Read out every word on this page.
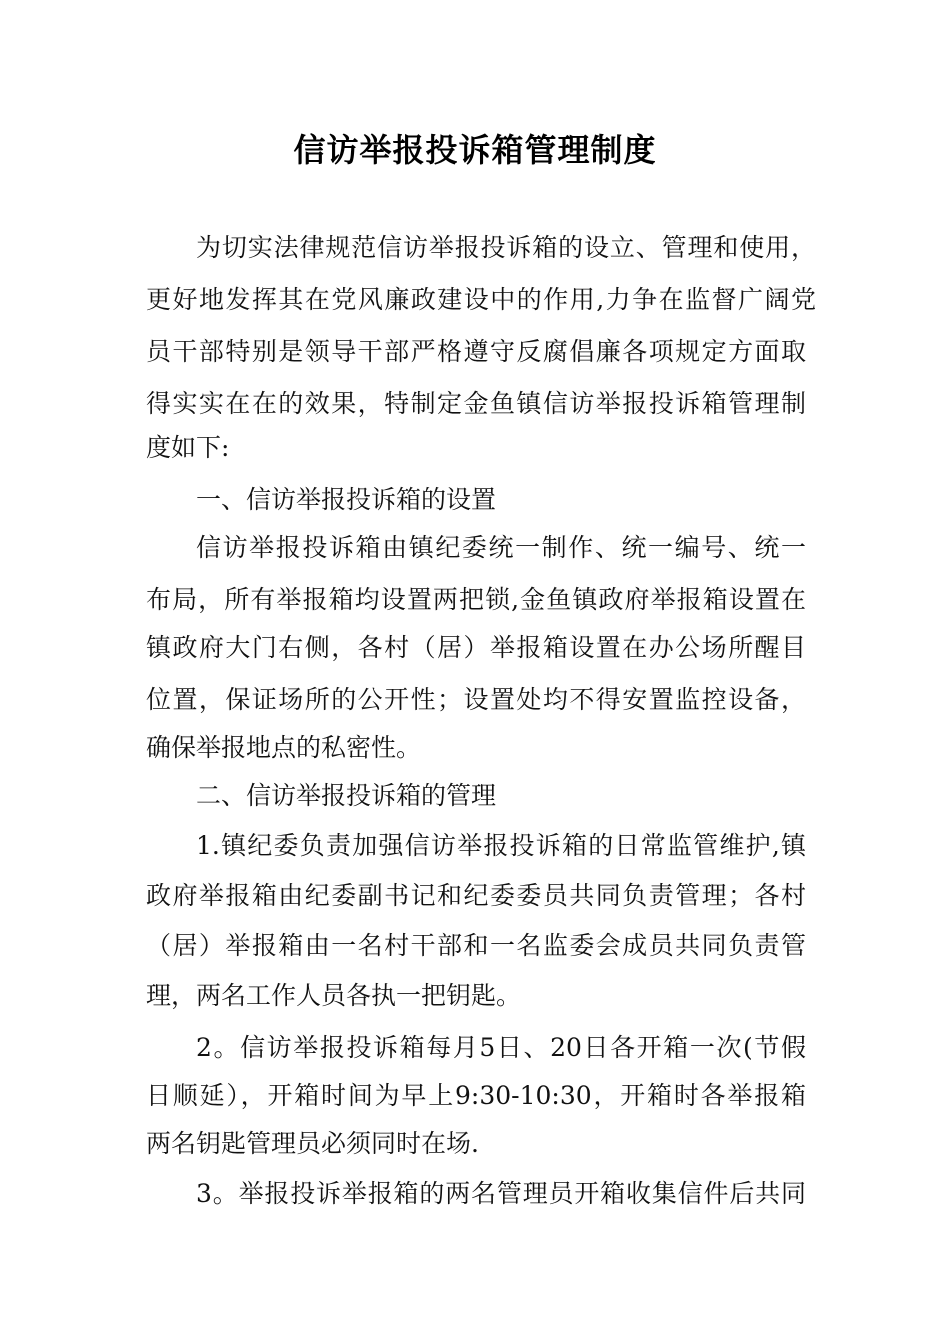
信访举报投诉箱管理制度
为切实法律规范信访举报投诉箱的设立、管理和使用，
更好地发挥其在党风廉政建设中的作用,力争在监督广阔党
员干部特别是领导干部严格遵守反腐倡廉各项规定方面取
得实实在在的效果，特制定金鱼镇信访举报投诉箱管理制
度如下:
一、信访举报投诉箱的设置
信访举报投诉箱由镇纪委统一制作、统一编号、统一
布局，所有举报箱均设置两把锁,金鱼镇政府举报箱设置在
镇政府大门右侧，各村（居）举报箱设置在办公场所醒目
位置，保证场所的公开性；设置处均不得安置监控设备，
确保举报地点的私密性。
二、信访举报投诉箱的管理
1.镇纪委负责加强信访举报投诉箱的日常监管维护,镇
政府举报箱由纪委副书记和纪委委员共同负责管理；各村
（居）举报箱由一名村干部和一名监委会成员共同负责管
理，两名工作人员各执一把钥匙。
2。信访举报投诉箱每月5日、20日各开箱一次(节假
日顺延），开箱时间为早上9:30-10:30，开箱时各举报箱
两名钥匙管理员必须同时在场.
3。举报投诉举报箱的两名管理员开箱收集信件后共同
